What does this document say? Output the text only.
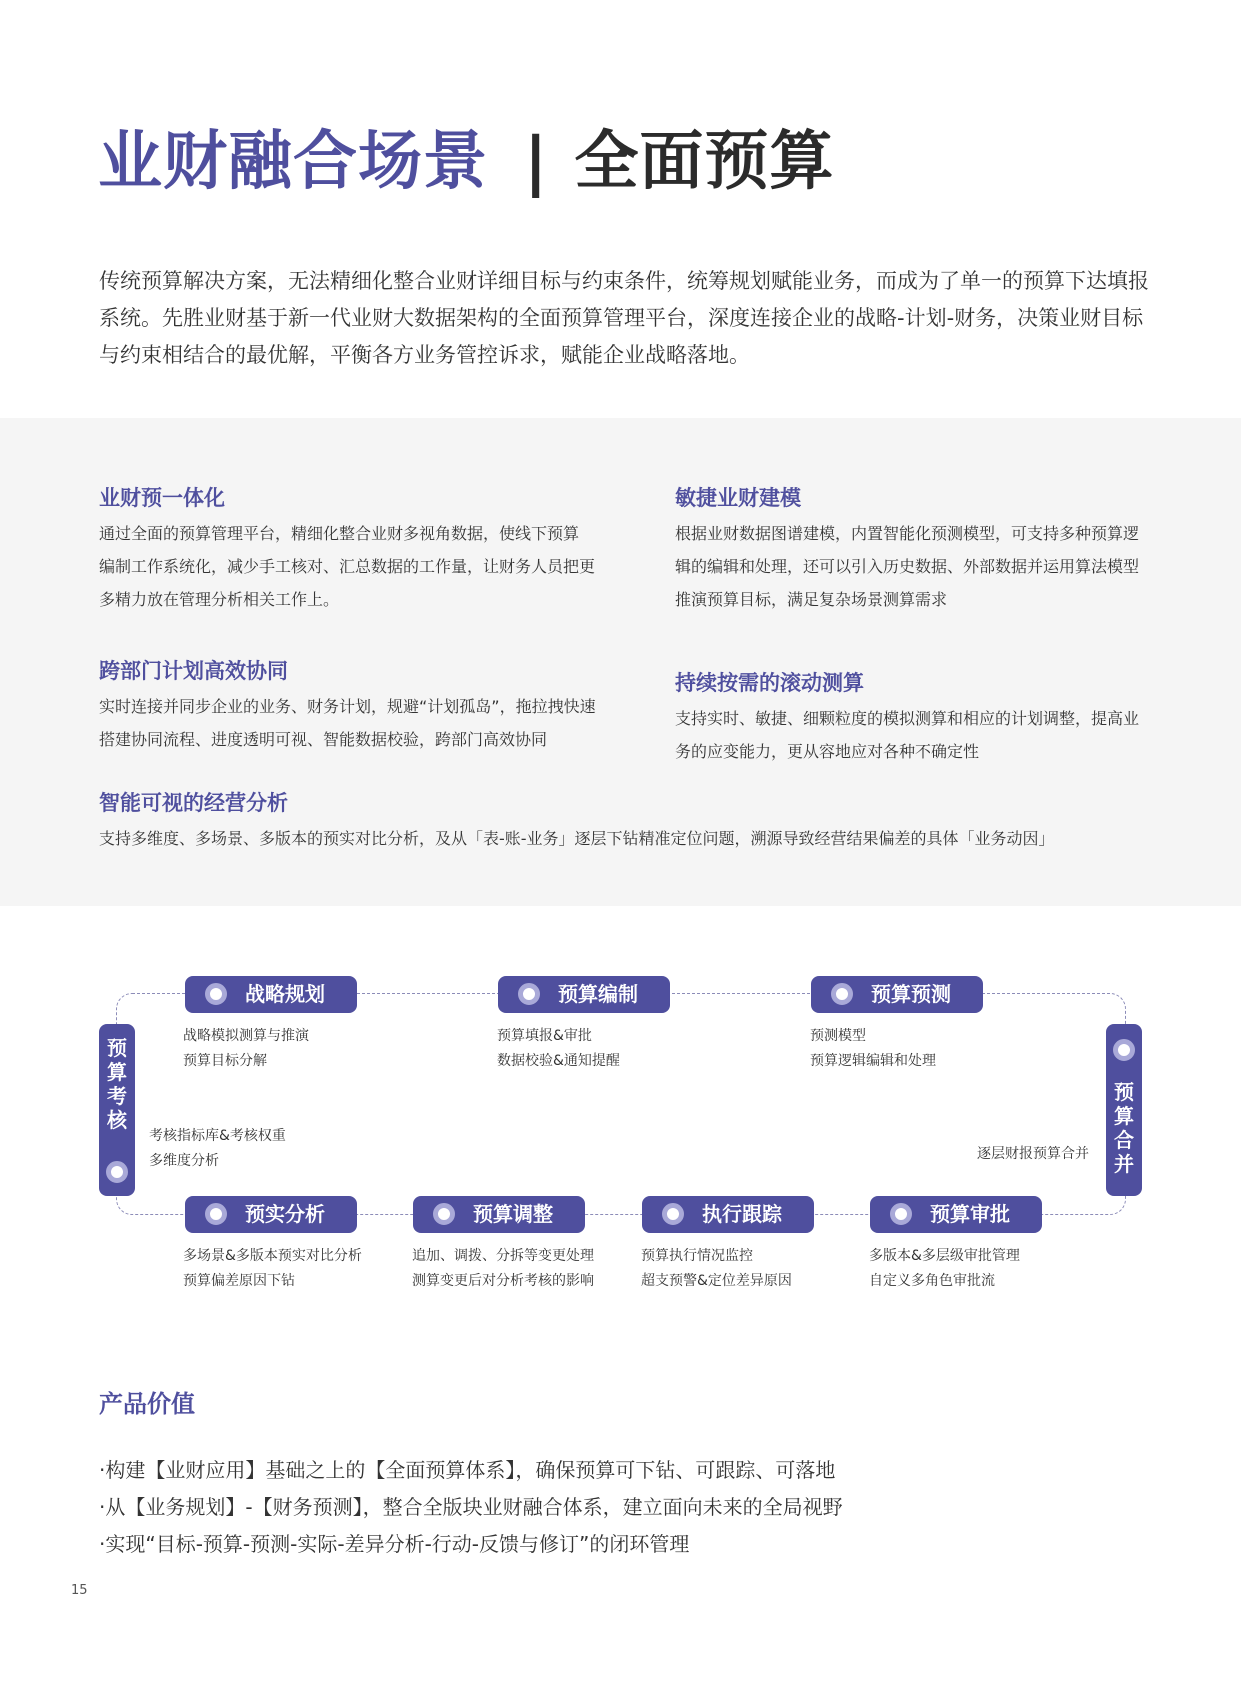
业财融合场景 | 全面预算
传统预算解决方案，无法精细化整合业财详细目标与约束条件，统筹规划赋能业务，而成为了单一的预算下达填报系统。先胜业财基于新一代业财大数据架构的全面预算管理平台，深度连接企业的战略-计划-财务，决策业财目标与约束相结合的最优解，平衡各方业务管控诉求，赋能企业战略落地。
业财预一体化

通过全面的预算管理平台，精细化整合业财多视角数据，使线下预算
编制工作系统化，减少手工核对、汇总数据的工作量，让财务人员把更
多精力放在管理分析相关工作上。

敏捷业财建模

根据业财数据图谱建模，内置智能化预测模型，可支持多种预算逻
辑的编辑和处理，还可以引入历史数据、外部数据并运用算法模型
推演预算目标，满足复杂场景测算需求

跨部门计划高效协同

实时连接并同步企业的业务、财务计划，规避“计划孤岛”，拖拉拽快速
搭建协同流程、进度透明可视、智能数据校验，跨部门高效协同

持续按需的滚动测算

支持实时、敏捷、细颗粒度的模拟测算和相应的计划调整，提高业
务的应变能力，更从容地应对各种不确定性

智能可视的经营分析

支持多维度、多场景、多版本的预实对比分析，及从「表-账-业务」逐层下钻精准定位问题，溯源导致经营结果偏差的具体「业务动因」

战略规划
战略模拟测算与推演
预算目标分解
预算编制
预算填报&审批
数据校验&通知提醒
预算预测
预测模型
预算逻辑编辑和处理
预
算
考
核
考核指标库&考核权重
多维度分析
预
算
合
并
逐层财报预算合并
预实分析
多场景&多版本预实对比分析
预算偏差原因下钻
预算调整
追加、调拨、分拆等变更处理
测算变更后对分析考核的影响
执行跟踪
预算执行情况监控
超支预警&定位差异原因
预算审批
多版本&多层级审批管理
自定义多角色审批流
产品价值
·构建【业财应用】基础之上的【全面预算体系】，确保预算可下钻、可跟踪、可落地
·从【业务规划】-【财务预测】，整合全版块业财融合体系，建立面向未来的全局视野
·实现“目标-预算-预测-实际-差异分析-行动-反馈与修订”的闭环管理
15
